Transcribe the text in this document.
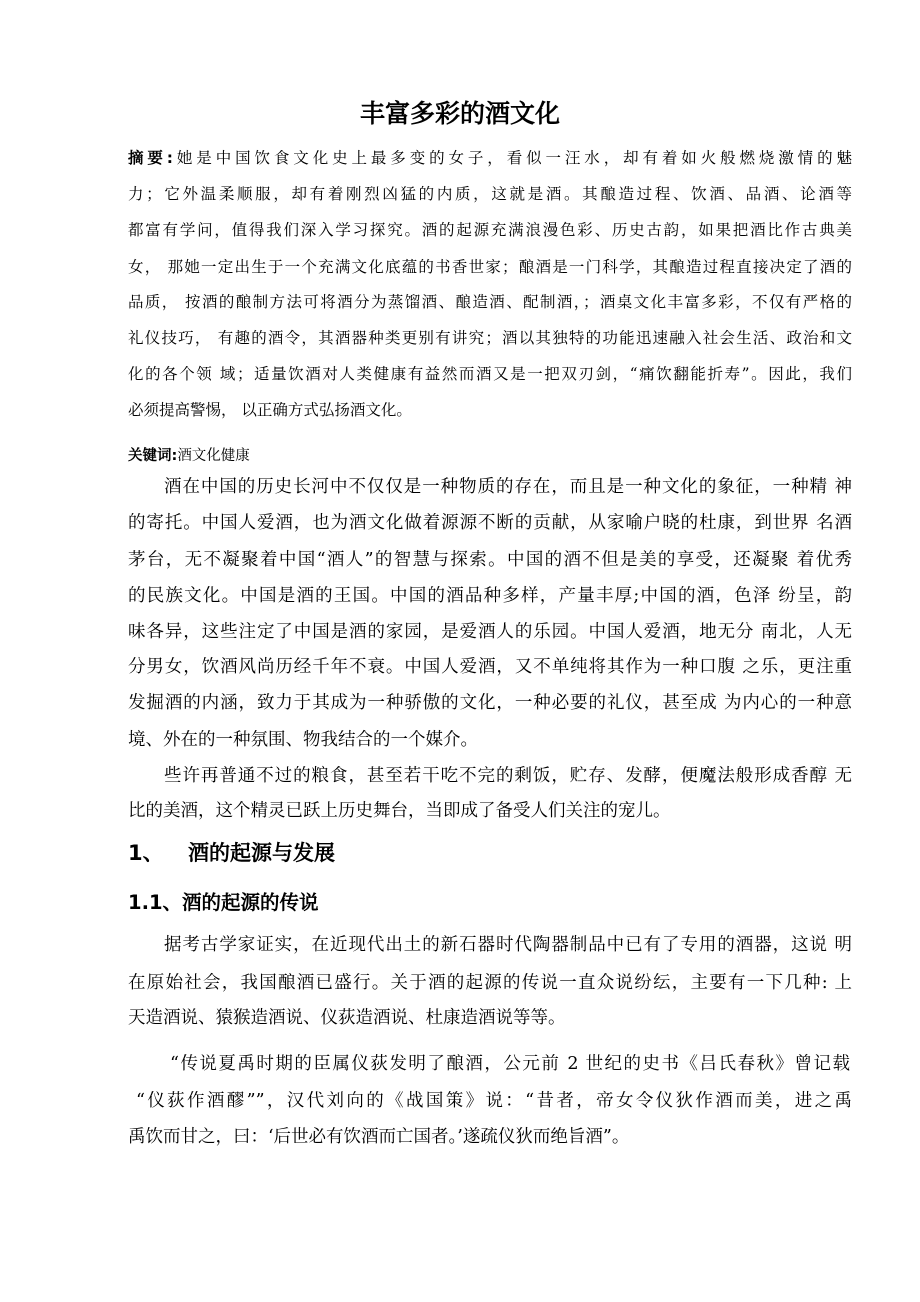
丰富多彩的酒文化
摘要:她是中国饮食文化史上最多变的女子，看似一汪水，却有着如火般燃烧激情的魅
力；它外温柔顺服，却有着刚烈凶猛的内质，这就是酒。其酿造过程、饮酒、品酒、论酒等
都富有学问，值得我们深入学习探究。酒的起源充满浪漫色彩、历史古韵，如果把酒比作古典美
女， 那她一定出生于一个充满文化底蕴的书香世家；酿酒是一门科学，其酿造过程直接决定了酒的
品质， 按酒的酿制方法可将酒分为蒸馏酒、酿造酒、配制酒，；酒桌文化丰富多彩，不仅有严格的
礼仪技巧， 有趣的酒令，其酒器种类更别有讲究；酒以其独特的功能迅速融入社会生活、政治和文
化的各个领 域；适量饮酒对人类健康有益然而酒又是一把双刃剑，“痛饮翻能折寿”。因此，我们
必须提高警惕， 以正确方式弘扬酒文化。
关键词:酒文化健康
酒在中国的历史长河中不仅仅是一种物质的存在，而且是一种文化的象征，一种精 神
的寄托。中国人爱酒，也为酒文化做着源源不断的贡献，从家喻户晓的杜康，到世界 名酒
茅台，无不凝聚着中国“酒人”的智慧与探索。中国的酒不但是美的享受，还凝聚 着优秀
的民族文化。中国是酒的王国。中国的酒品种多样，产量丰厚;中国的酒，色泽 纷呈，韵
味各异，这些注定了中国是酒的家园，是爱酒人的乐园。中国人爱酒，地无分 南北，人无
分男女，饮酒风尚历经千年不衰。中国人爱酒，又不单纯将其作为一种口腹 之乐，更注重
发掘酒的内涵，致力于其成为一种骄傲的文化，一种必要的礼仪，甚至成 为内心的一种意
境、外在的一种氛围、物我结合的一个媒介。
些许再普通不过的粮食，甚至若干吃不完的剩饭，贮存、发酵，便魔法般形成香醇 无
比的美酒，这个精灵已跃上历史舞台，当即成了备受人们关注的宠儿。
1、 酒的起源与发展
1.1、酒的起源的传说
据考古学家证实，在近现代出土的新石器时代陶器制品中已有了专用的酒器，这说 明
在原始社会，我国酿酒已盛行。关于酒的起源的传说一直众说纷纭，主要有一下几种: 上
天造酒说、猿猴造酒说、仪荻造酒说、杜康造酒说等等。
“传说夏禹时期的臣属仪荻发明了酿酒，公元前 2 世纪的史书《吕氏春秋》曾记载
“仪荻作酒醪””，汉代刘向的《战国策》说：“昔者，帝女令仪狄作酒而美，进之禹
禹饮而甘之，曰：‘后世必有饮酒而亡国者。’遂疏仪狄而绝旨酒”。
